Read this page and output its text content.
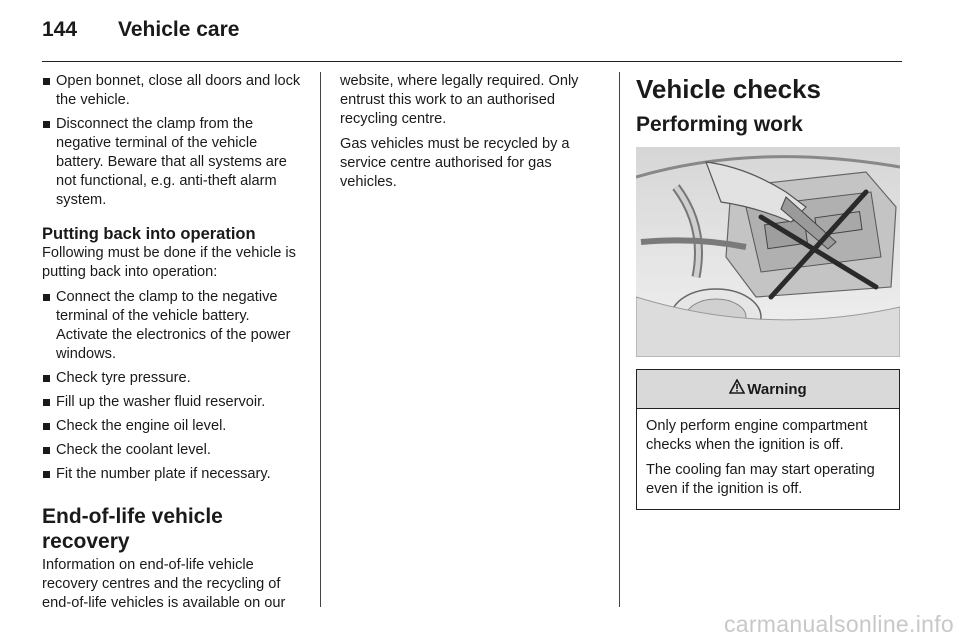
144 Vehicle care
Open bonnet, close all doors and lock the vehicle.
Disconnect the clamp from the negative terminal of the vehicle battery. Beware that all systems are not functional, e.g. anti-theft alarm system.
Putting back into operation

Following must be done if the vehicle is putting back into operation:

Connect the clamp to the negative terminal of the vehicle battery. Activate the electronics of the power windows.
Check tyre pressure.
Fill up the washer fluid reservoir.
Check the engine oil level.
Check the coolant level.
Fit the number plate if necessary.
End-of-life vehicle recovery

Information on end-of-life vehicle recovery centres and the recycling of end-of-life vehicles is available on our

website, where legally required. Only entrust this work to an authorised recycling centre.

Gas vehicles must be recycled by a service centre authorised for gas vehicles.

Vehicle checks
Performing work
Warning

Only perform engine compartment checks when the ignition is off.

The cooling fan may start operating even if the ignition is off.

carmanualsonline.info
